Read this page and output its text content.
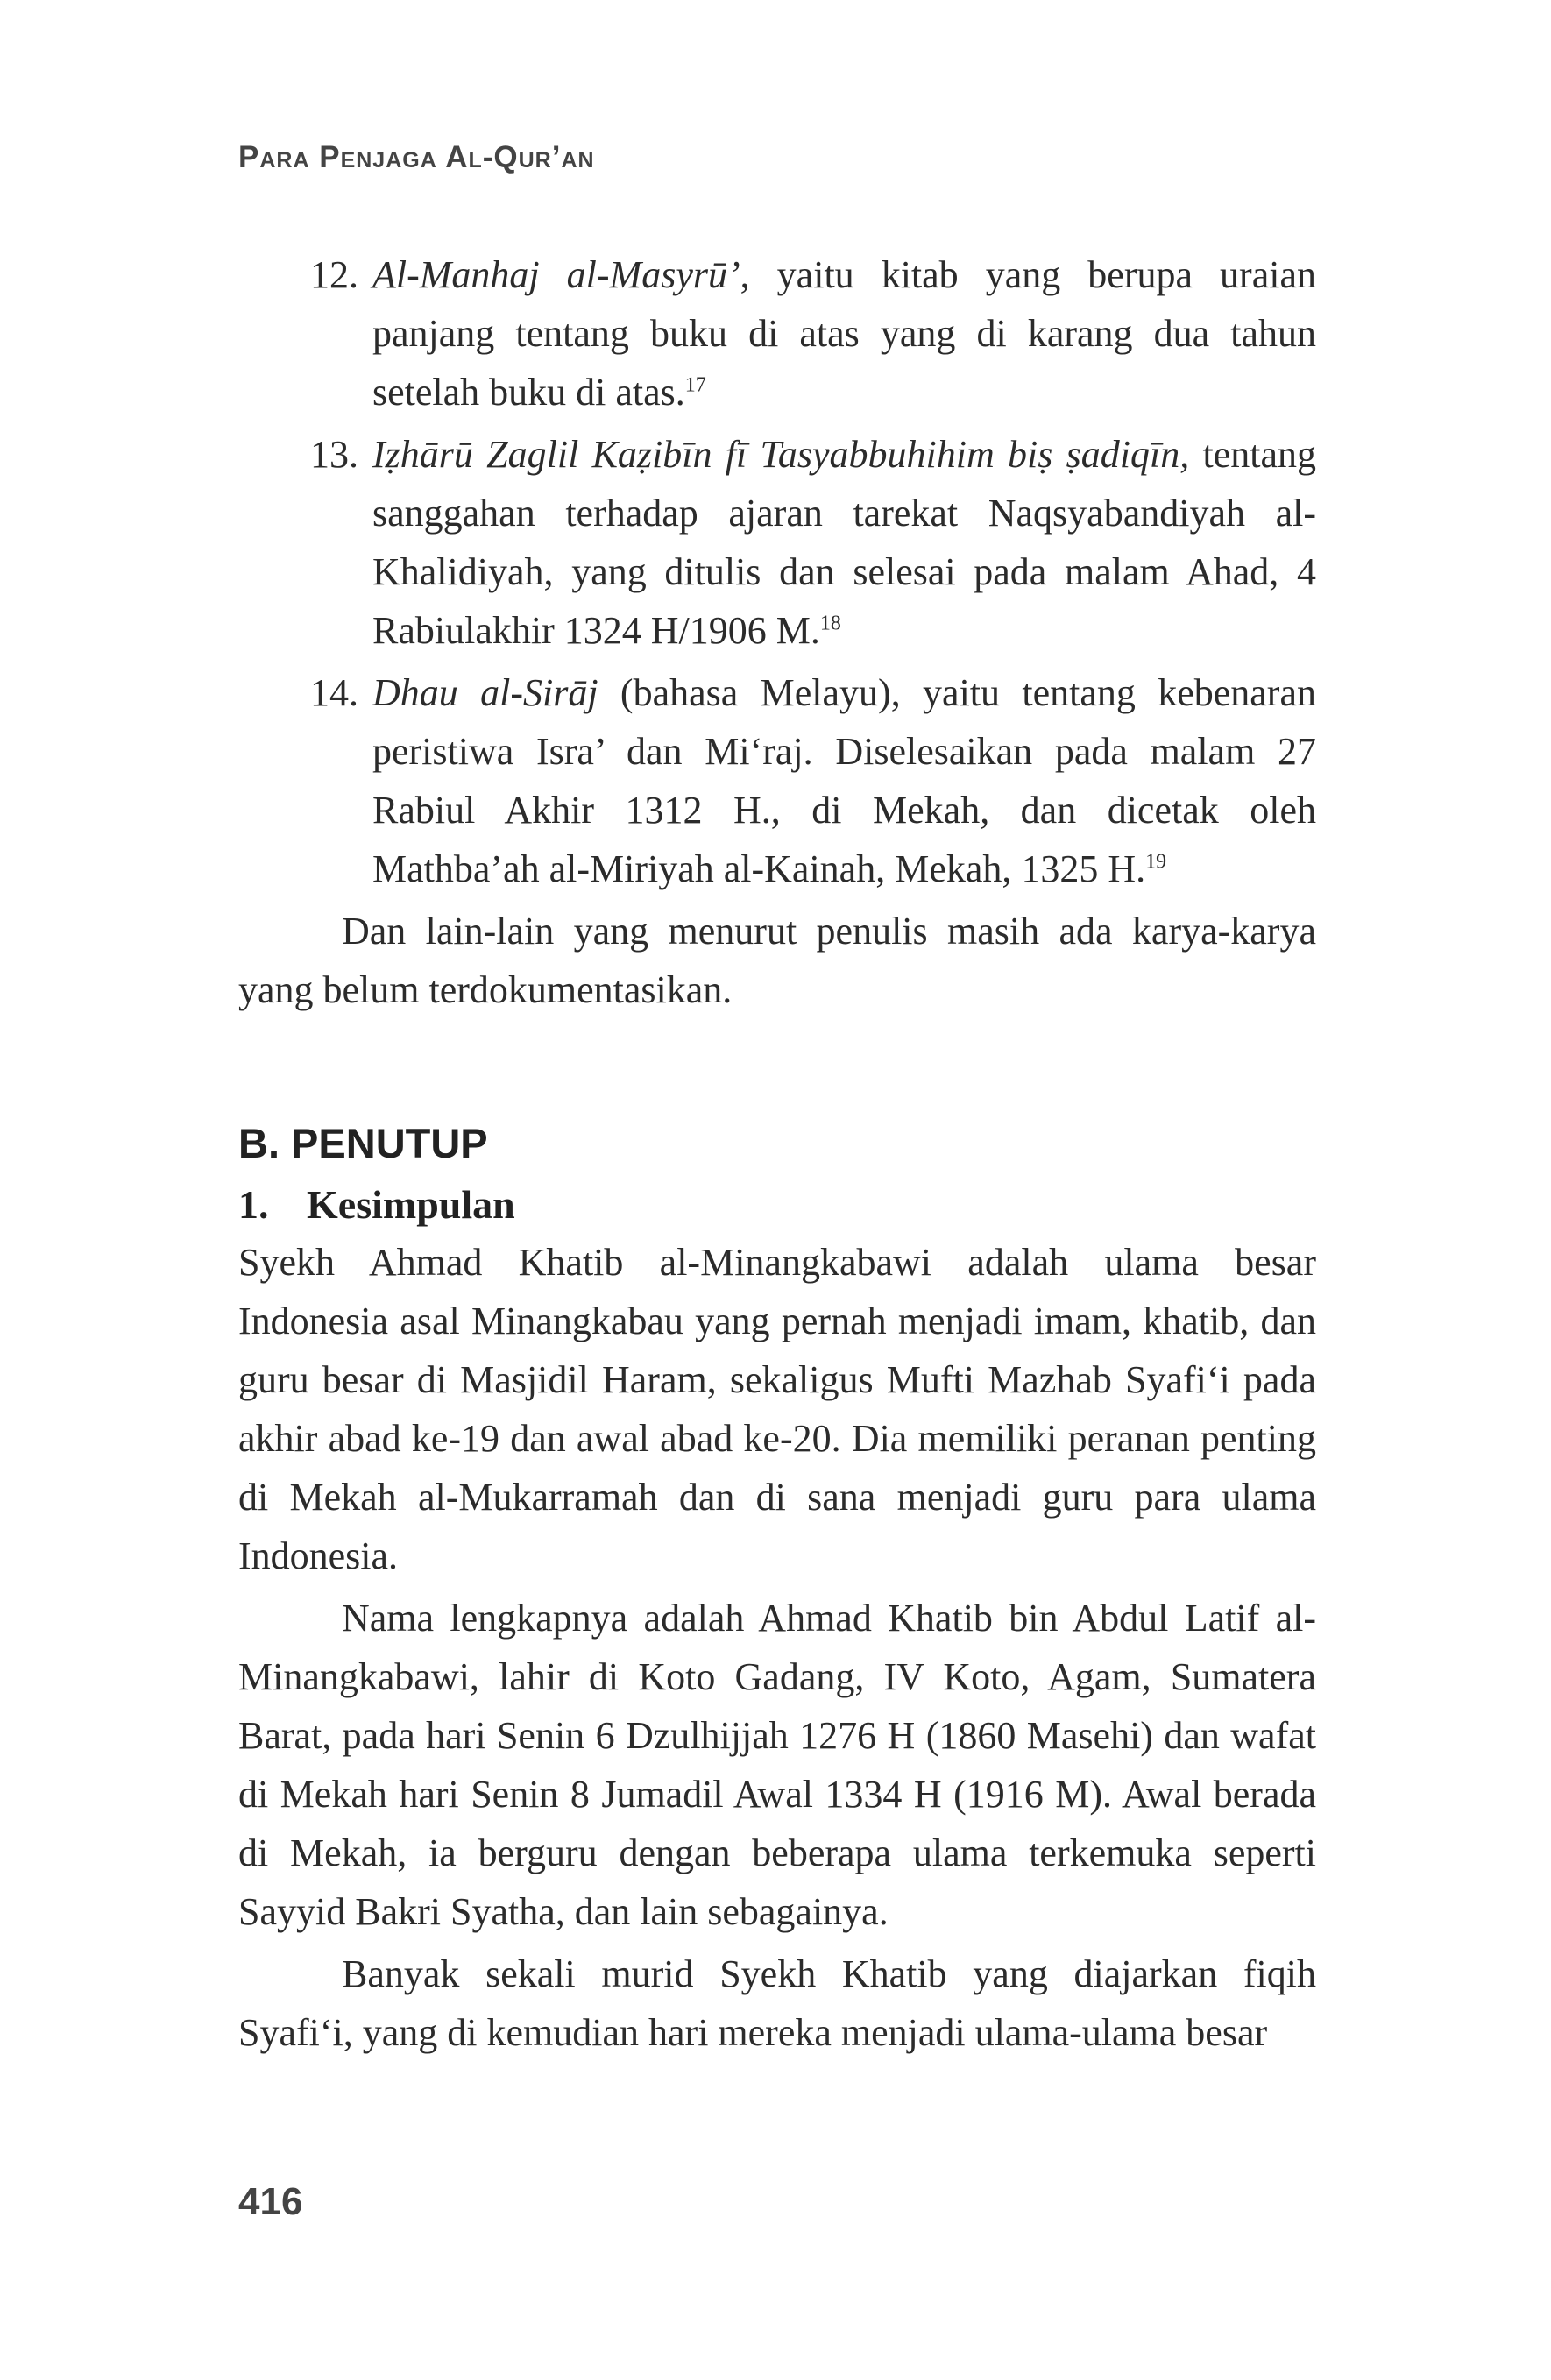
Para Penjaga Al-Qur’an
12. Al-Manhaj al-Masyrū’, yaitu kitab yang berupa uraian panjang tentang buku di atas yang di karang dua tahun setelah buku di atas.$^{17}$
13. Iẓhārū Zaglil Kaẓibīn fī Tasyabbuhihim biṣ ṣadiqīn, tentang sanggahan terhadap ajaran tarekat Naqsyabandiyah al-Khalidiyah, yang ditulis dan selesai pada malam Ahad, 4 Rabiulakhir 1324 H/1906 M.$^{18}$
14. Dhau al-Sirāj (bahasa Melayu), yaitu tentang kebenaran peristiwa Isra’ dan Mi‘raj. Diselesaikan pada malam 27 Rabiul Akhir 1312 H., di Mekah, dan dicetak oleh Mathba’ah al-Miriyah al-Kainah, Mekah, 1325 H.$^{19}$

Dan lain-lain yang menurut penulis masih ada karya-karya yang belum terdokumentasikan.

B. PENUTUP
1. Kesimpulan

Syekh Ahmad Khatib al-Minangkabawi adalah ulama besar Indonesia asal Minangkabau yang pernah menjadi imam, khatib, dan guru besar di Masjidil Haram, sekaligus Mufti Mazhab Syafi‘i pada akhir abad ke-19 dan awal abad ke-20. Dia memiliki peranan penting di Mekah al-Mukarramah dan di sana menjadi guru para ulama Indonesia.

Nama lengkapnya adalah Ahmad Khatib bin Abdul Latif al-Minangkabawi, lahir di Koto Gadang, IV Koto, Agam, Sumatera Barat, pada hari Senin 6 Dzulhijjah 1276 H (1860 Masehi) dan wafat di Mekah hari Senin 8 Jumadil Awal 1334 H (1916 M). Awal berada di Mekah, ia berguru dengan beberapa ulama terkemuka seperti Sayyid Bakri Syatha, dan lain sebagainya.

Banyak sekali murid Syekh Khatib yang diajarkan fiqih Syafi‘i, yang di kemudian hari mereka menjadi ulama-ulama besar

416
